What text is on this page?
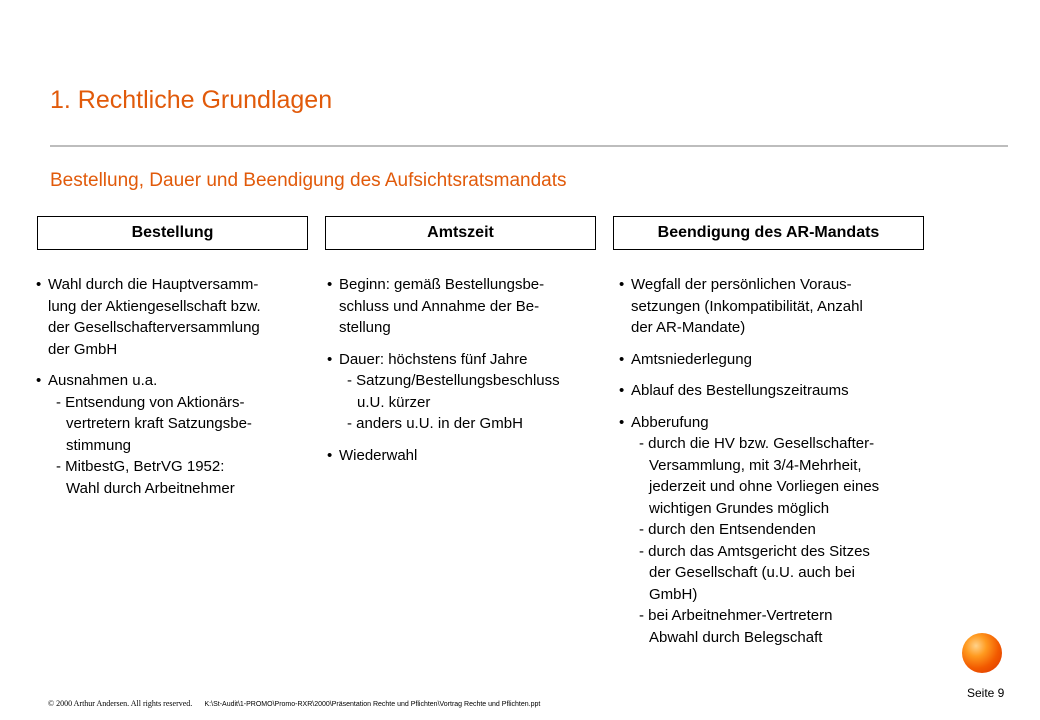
1. Rechtliche Grundlagen
Bestellung, Dauer und Beendigung des Aufsichtsratsmandats
Bestellung	Amtszeit	Beendigung des AR-Mandats
• Wahl durch die Hauptversamm-
lung der Aktiengesellschaft bzw.
der Gesellschafterversammlung
der GmbH
• Ausnahmen u.a.
- Entsendung von Aktionärs-
vertretern kraft Satzungsbe-
stimmung
- MitbestG, BetrVG 1952:
Wahl durch Arbeitnehmer
• Beginn: gemäß Bestellungsbe-
schluss und Annahme der Be-
stellung
• Dauer: höchstens fünf Jahre
- Satzung/Bestellungsbeschluss
u.U. kürzer
- anders u.U. in der GmbH
• Wiederwahl
• Wegfall der persönlichen Voraus-
setzungen (Inkompatibilität, Anzahl
der AR-Mandate)
• Amtsniederlegung
• Ablauf des Bestellungszeitraums
• Abberufung
- durch die HV bzw. Gesellschafter-
Versammlung, mit 3/4-Mehrheit,
jederzeit und ohne Vorliegen eines
wichtigen Grundes möglich
- durch den Entsendenden
- durch das Amtsgericht des Sitzes
der Gesellschaft (u.U. auch bei
GmbH)
- bei Arbeitnehmer-Vertretern
Abwahl durch Belegschaft
© 2000 Arthur Andersen. All rights reserved. K:\St-Audit\1-PROMO\Promo-RXR\2000\Präsentation Rechte und Pflichten\Vortrag Rechte und Pflichten.ppt
Seite 9
